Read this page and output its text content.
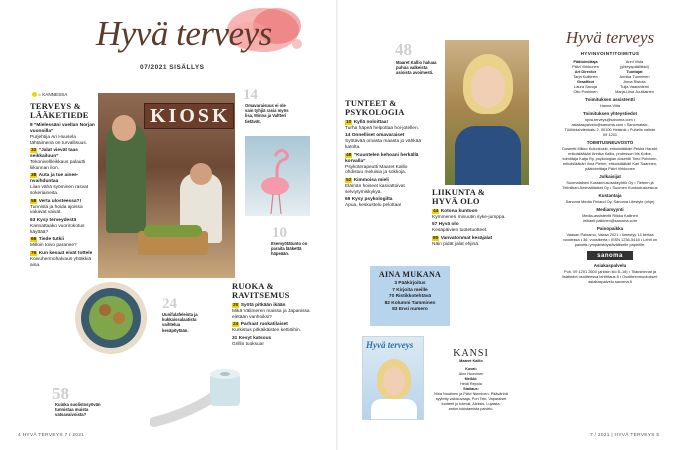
Hyvä terveys
07/2021 SISÄLLYS
= KANNESSA
TERVEYS &
LÄÄKETIEDE
8 ”Mielessäni vaellan Norjan vuonoilla”
Purjehtija Ari Huusela tähtäimenä on turvallisuus.
32 ”Jalat vievät taas seikkailuun”
Tekonivellleikkaus palautti liikunnan ilon.
38 Auta ja tue ainee-nvaihduntaa
Liian vähä syöminen rasvat sokeriaineita.
58 Verta ulosteessa?!
Tunnista ja hoida ajoissa vakavat vaivat.
63 Kysy terveydestä
Kannattaako vuorirokotus käyttää?
66 Tiede tutkii
Milloin toivo paranee?
76 Kun kesaat eivät tottele
Koivuhermohalvaus yhtäkkiä aina.
KIOSK
14
Omavaraisuus ei ole vain tyhjiä rasia myös lisa, Minna ja Valtteri tietävät.
10
Itsemyötätunto on paraita lääkettä häpeään.
24
Uunifalafeleista ja kukkaissalaatista vaihtelua kesäpöytään.
58
Kuinka suolistosyövän tunnistaa muista vatsavaivoista?
RUOKA &
RAVITSEMUS
20 Syötä pitkään ikään
Mikä Välimeren maissa ja Japanissa eletään vanhoiksi?
24 Parhaat ruokatilaiset
Kurkistus pitkäikäisten kettiöihin.
31 Kesyt katsous
Grillin tuoksua!
48
Maaret Kallio haluaa puhua valkeista asioista avoimesti.
TUNTEET &
PSYKOLOGIA
10 Kyllä noloittaa!
Turha häpeä helpottaa hoi-jotellen.
14 Onnelliset omavaraiset
Syötävää omasta maasta jo vähkää katolta.
48 ”Kuuntelen kehoani herkällä korvalla”
Psykoterapeutti Maaret Kallio ohdistuu meluisia ja sokkoja.
52 Kimmoisa mieli
Elämän hoiseet kasvattoivat selviytymiskykyä.
69 Kysy psykologilta
Apua, keskustelu pelottaa!
LIIKUNTA &
HYVÄ OLO
44 Kotona kuntoon
Kymmenen minuutin syke-jumppa.
57 Hyvä olo
Kesäpäivien tuotetuotteet.
80 Vanvatonmat kesäjalat
Näin pidät jalat ehjinä.
AINA MUKANA
3 Pääkirjoitus
7 Kirjoita meille
70 Ristikkotehtävä
82 Kolumni Tamminen
83 Ensi numero
Hyvä terveys
KANSI
Maaret Kallio
Kuvat:
Aino Huovinen
Meikki:
Heidi Repola
Stailaus:
Nina Nuutinen ja Päivi Nieminen. Päävärinä syytetty valokuvaaja, Pori Teki. Vaparaiset tuotteet jo tulevat, Aleksis, Lujaista, anton.tokistamista palvelu.
Hyvä terveys
HYVINVOINTITOIMITUS
Päätoimittaja
Päivi Virkkunen
Art Director
Tarja Kuittinen
Graafikot
Laura Savoja
Oilu Poskinen
Anni Vista
(yhteyspäällikkö)
Tuottajat
Annika Tuominen
Anna Ristola
Tuija Vaaraniemi
Marja-Liisa Juutilainen
Toimituksen assistentti
Hanna Viita
Toimituksen yhteystiedot
hyva.terveys@sanoma.com • asiakaspalvelu@sanoma.com • Sanomatalo, Töölönlahdenkatu 2, 00100 Helsinki • Puhelin vaihde 09 1201
TOIMITUSNEUVOSTO
Dosentti Mikko Kuiunkoski, erikoislääkäri Pekka Harald, erikoislääkäri Annika Kallio, professori Iris Kolbe, toimittaja Katja Ry, psykologian dosentti Timo Polvinen, erikoislääkäri Ihna Piehm, erikoislääkäri Kari Saarinen, päätoimittaja Päivi Virkkunen
Julkaisijat
Suomalainen Kustannusosakeyhtiö Oy • Tieteen ja Tekniikan Ammattilaiset Oy • Suomen Kuntoutuskeskus
Kustantaja
Sanoma Media Finland Oy, Sanoma Lifestyle (ohje)
Mediamyynti
Media-assistentti Riikka Kallinen mikaeli.palkinen@sanoma.com
Painopaikka
Vaasan Painamo, Vaasa 2021 • Ilmestyy 14 kertaa vuodessa • 36. vuosikerta • ISSN 1236-5418 • Lehti on painettu ympäristöystävälliselle paperille.
sanoma
Asiakaspalvelu
Puh. 09 1201 2600 (arkisin klo 8–18) • Tilaushinnat ja lisätiedot osoitteessa lehtitilaus.fi • Osoitteenmuutokset: asiakaspalvelu.sanoma.fi
4 HYVÄ TERVEYS 7 / 2021	7 / 2021 | HYVÄ TERVEYS 5
